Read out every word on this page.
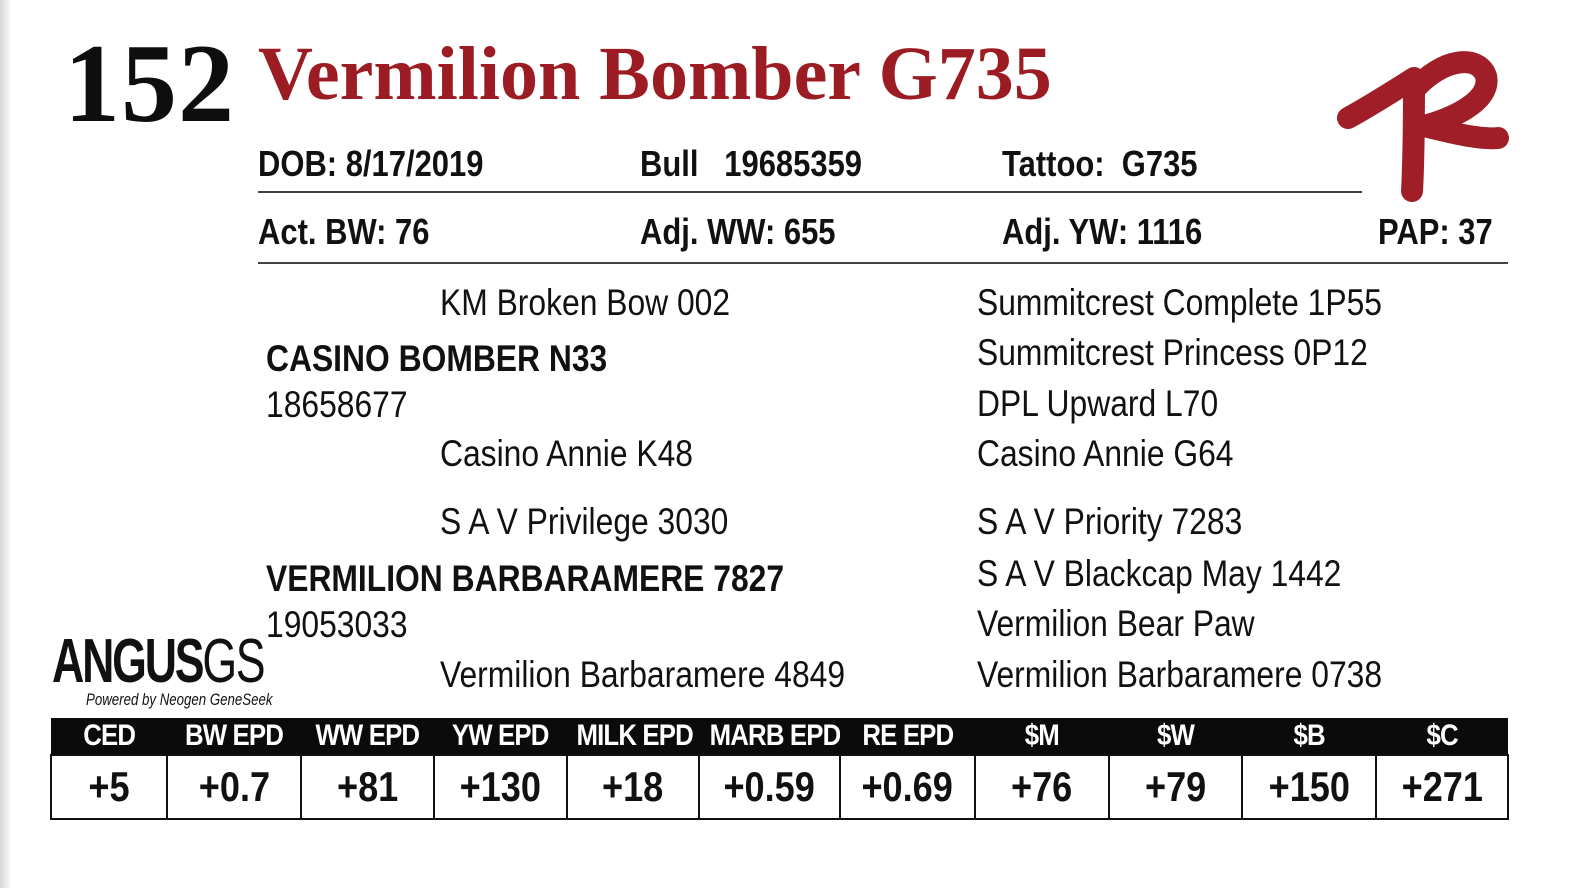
152 Vermilion Bomber G735
DOB: 8/17/2019	Bull   19685359	Tattoo:  G735
Act. BW: 76	Adj. WW: 655	Adj. YW: 1116	PAP: 37
KM Broken Bow 002
CASINO BOMBER N33
18658677
Casino Annie K48
S A V Privilege 3030
VERMILION BARBARAMERE 7827
19053033
Vermilion Barbaramere 4849
Summitcrest Complete 1P55
Summitcrest Princess 0P12
DPL Upward L70
Casino Annie G64
S A V Priority 7283
S A V Blackcap May 1442
Vermilion Bear Paw
Vermilion Barbaramere 0738
ANGUSGS
Powered by Neogen GeneSeek
CED	BW EPD	WW EPD	YW EPD	MILK EPD	MARB EPD	RE EPD	$M	$W	$B	$C
+5	+0.7	+81	+130	+18	+0.59	+0.69	+76	+79	+150	+271
